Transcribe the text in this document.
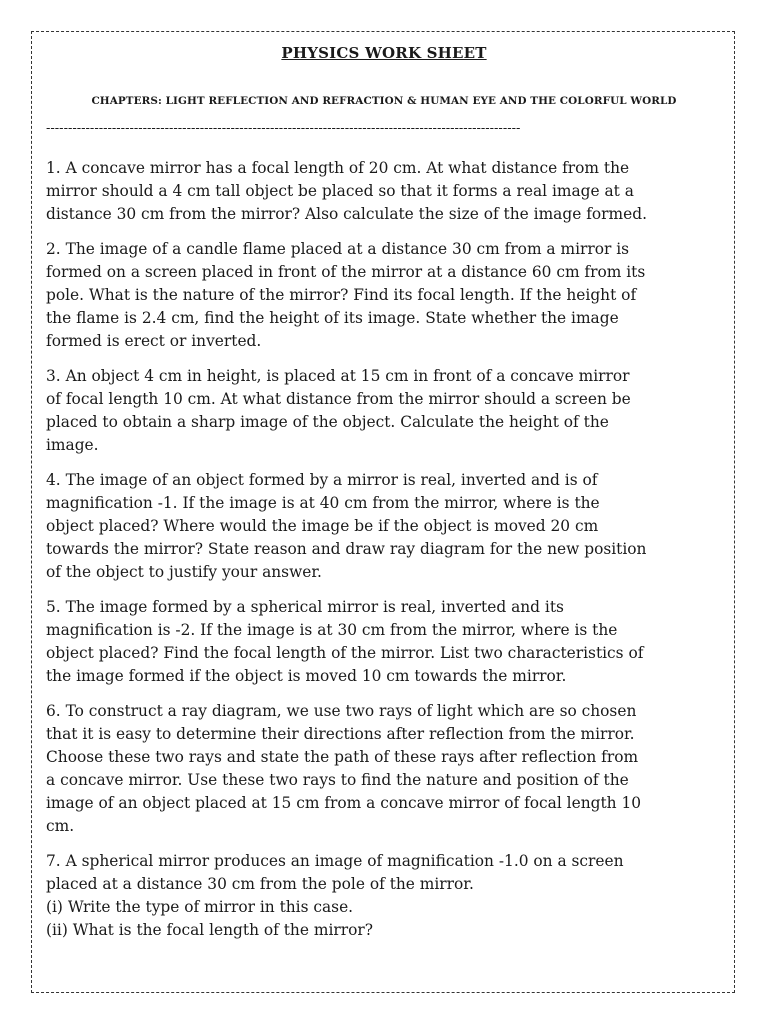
PHYSICS WORK SHEET
CHAPTERS: LIGHT REFLECTION AND REFRACTION & HUMAN EYE AND THE COLORFUL WORLD
------------------------------------------------------------------------------------------------------------
1. A concave mirror has a focal length of 20 cm. At what distance from the
mirror should a 4 cm tall object be placed so that it forms a real image at a
distance 30 cm from the mirror? Also calculate the size of the image formed.
2. The image of a candle flame placed at a distance 30 cm from a mirror is
formed on a screen placed in front of the mirror at a distance 60 cm from its
pole. What is the nature of the mirror? Find its focal length. If the height of
the flame is 2.4 cm, find the height of its image. State whether the image
formed is erect or inverted.
3. An object 4 cm in height, is placed at 15 cm in front of a concave mirror
of focal length 10 cm. At what distance from the mirror should a screen be
placed to obtain a sharp image of the object. Calculate the height of the
image.
4. The image of an object formed by a mirror is real, inverted and is of
magnification -1. If the image is at 40 cm from the mirror, where is the
object placed? Where would the image be if the object is moved 20 cm
towards the mirror? State reason and draw ray diagram for the new position
of the object to justify your answer.
5. The image formed by a spherical mirror is real, inverted and its
magnification is -2. If the image is at 30 cm from the mirror, where is the
object placed? Find the focal length of the mirror. List two characteristics of
the image formed if the object is moved 10 cm towards the mirror.
6. To construct a ray diagram, we use two rays of light which are so chosen
that it is easy to determine their directions after reflection from the mirror.
Choose these two rays and state the path of these rays after reflection from
a concave mirror. Use these two rays to find the nature and position of the
image of an object placed at 15 cm from a concave mirror of focal length 10
cm.
7. A spherical mirror produces an image of magnification -1.0 on a screen
placed at a distance 30 cm from the pole of the mirror.
(i) Write the type of mirror in this case.
(ii) What is the focal length of the mirror?
